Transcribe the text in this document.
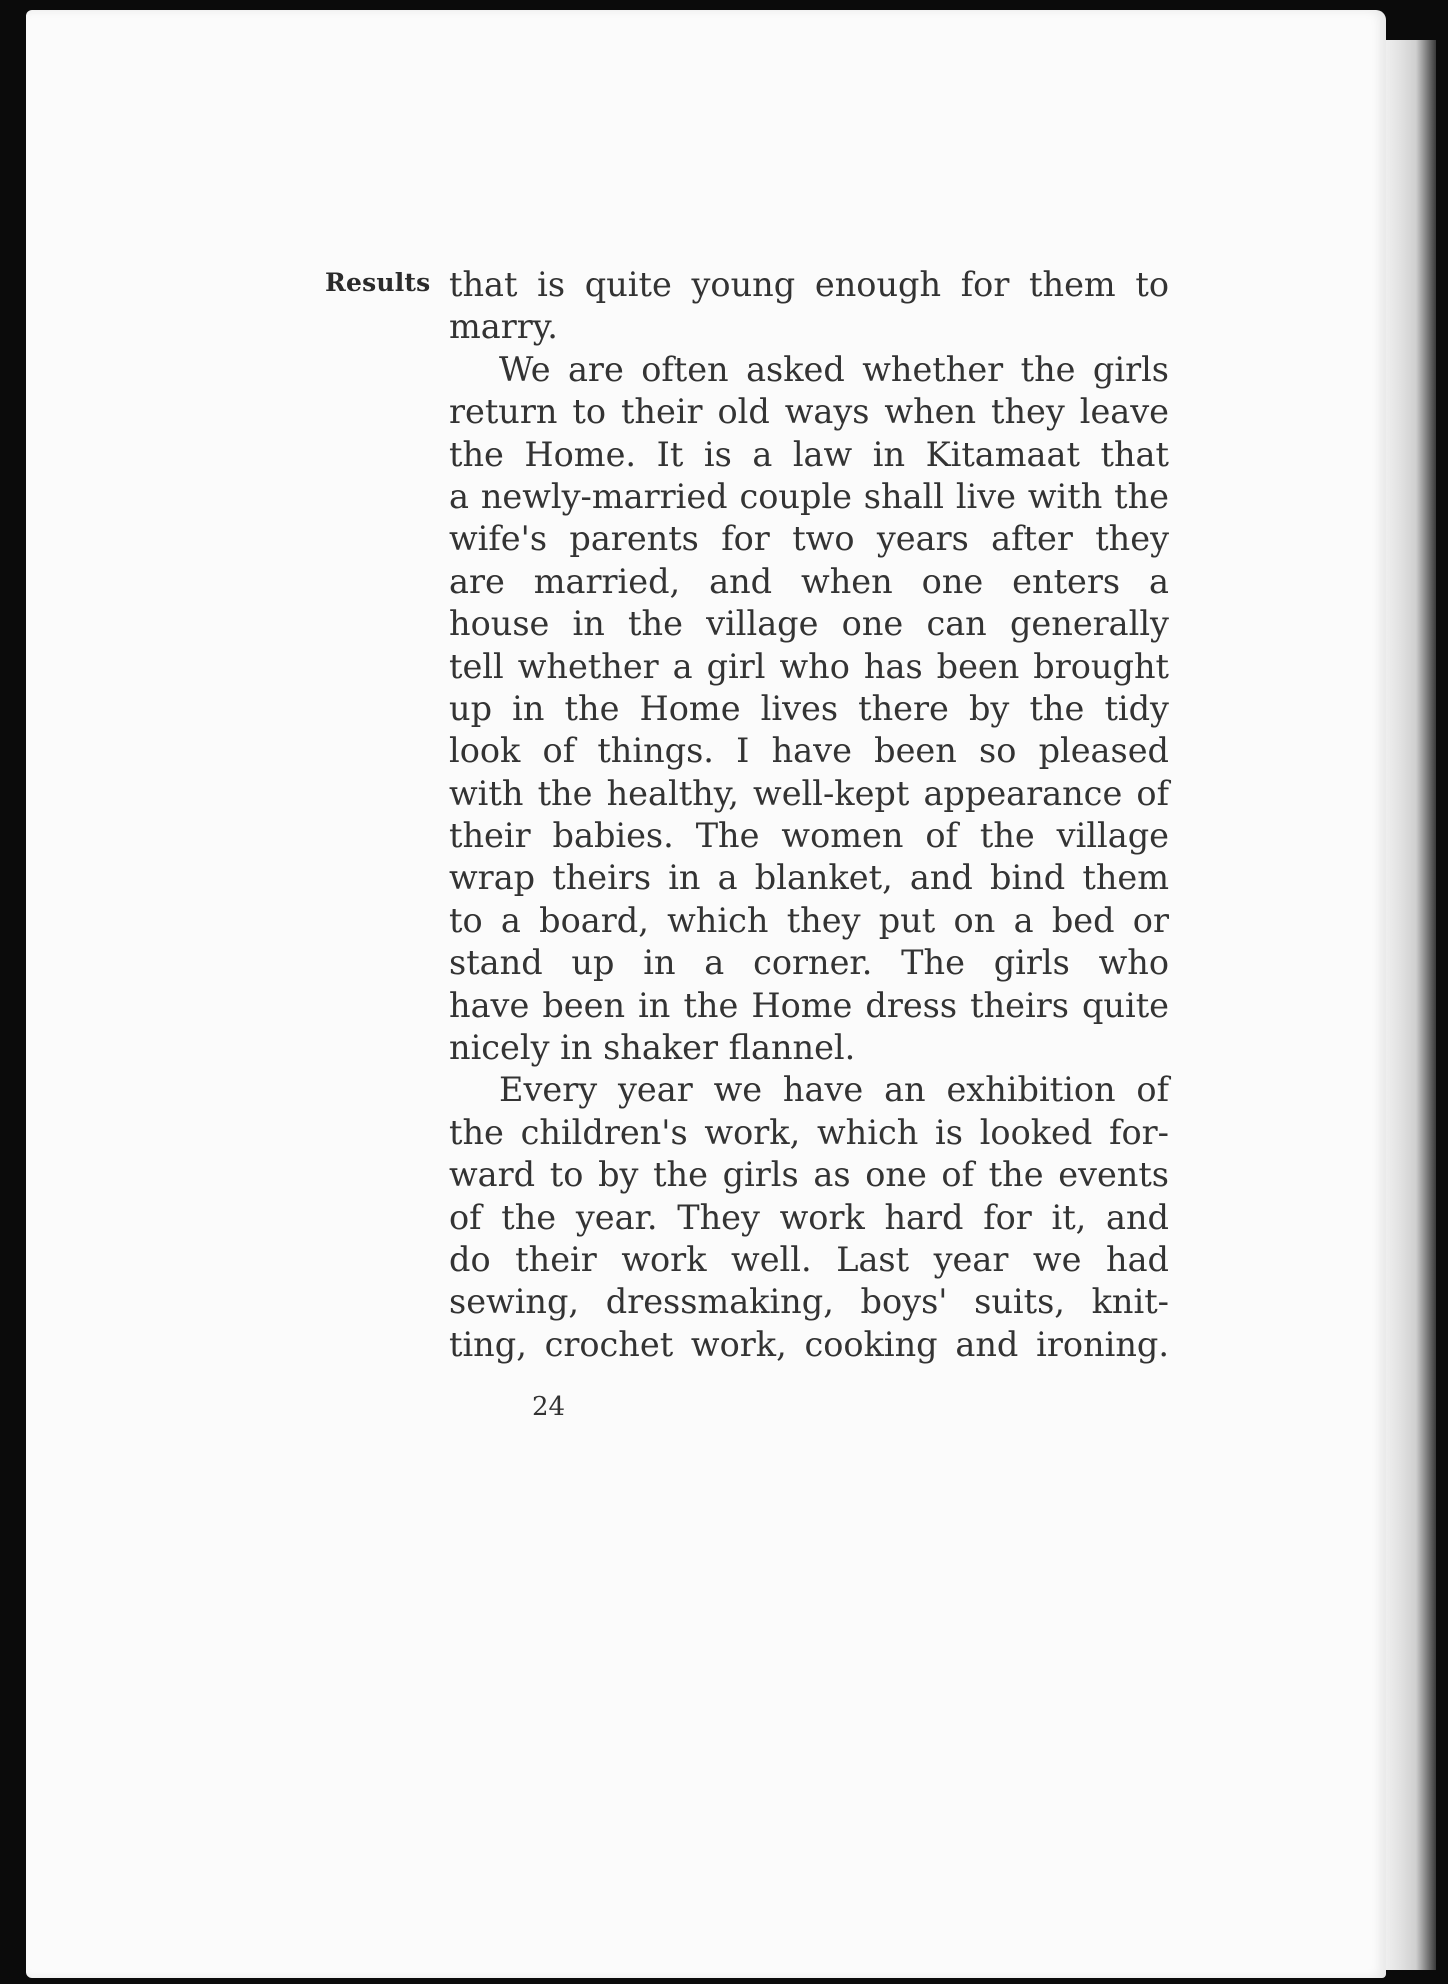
Results that is quite young enough for them to
marry.
We are often asked whether the girls
return to their old ways when they leave
the Home. It is a law in Kitamaat that
a newly-married couple shall live with the
wife's parents for two years after they
are married, and when one enters a
house in the village one can generally
tell whether a girl who has been brought
up in the Home lives there by the tidy
look of things. I have been so pleased
with the healthy, well-kept appearance of
their babies. The women of the village
wrap theirs in a blanket, and bind them
to a board, which they put on a bed or
stand up in a corner. The girls who
have been in the Home dress theirs quite
nicely in shaker flannel.
Every year we have an exhibition of
the children's work, which is looked for-
ward to by the girls as one of the events
of the year. They work hard for it, and
do their work well. Last year we had
sewing, dressmaking, boys' suits, knit-
ting, crochet work, cooking and ironing.
24
